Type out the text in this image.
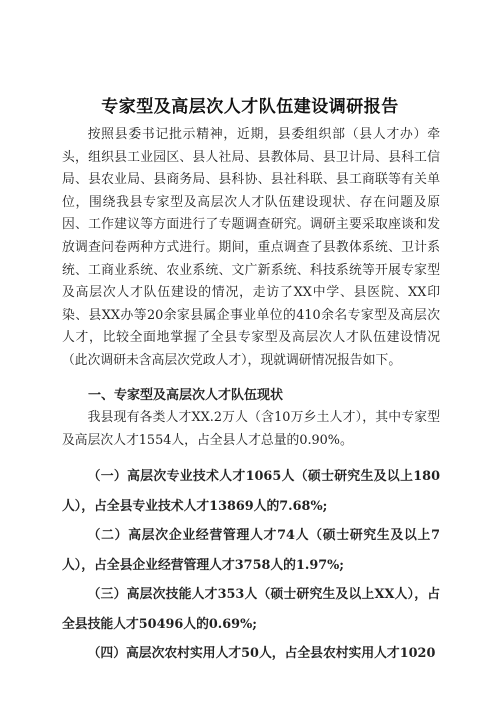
专家型及高层次人才队伍建设调研报告
按照县委书记批示精神，近期，县委组织部（县人才办）牵头，组织县工业园区、县人社局、县教体局、县卫计局、县科工信局、县农业局、县商务局、县科协、县社科联、县工商联等有关单位，围绕我县专家型及高层次人才队伍建设现状、存在问题及原因、工作建议等方面进行了专题调查研究。调研主要采取座谈和发放调查问卷两种方式进行。期间，重点调查了县教体系统、卫计系统、工商业系统、农业系统、文广新系统、科技系统等开展专家型及高层次人才队伍建设的情况，走访了XX中学、县医院、XX印染、县XX办等20余家县属企事业单位的410余名专家型及高层次人才，比较全面地掌握了全县专家型及高层次人才队伍建设情况（此次调研未含高层次党政人才），现就调研情况报告如下。
一、专家型及高层次人才队伍现状
我县现有各类人才XX.2万人（含10万乡土人才），其中专家型及高层次人才1554人，占全县人才总量的0.90%。
（一）高层次专业技术人才1065人（硕士研究生及以上180人），占全县专业技术人才13869人的7.68%;
（二）高层次企业经营管理人才74人（硕士研究生及以上7人），占全县企业经营管理人才3758人的1.97%;
（三）高层次技能人才353人（硕士研究生及以上XX人），占全县技能人才50496人的0.69%;
（四）高层次农村实用人才50人，占全县农村实用人才1020
